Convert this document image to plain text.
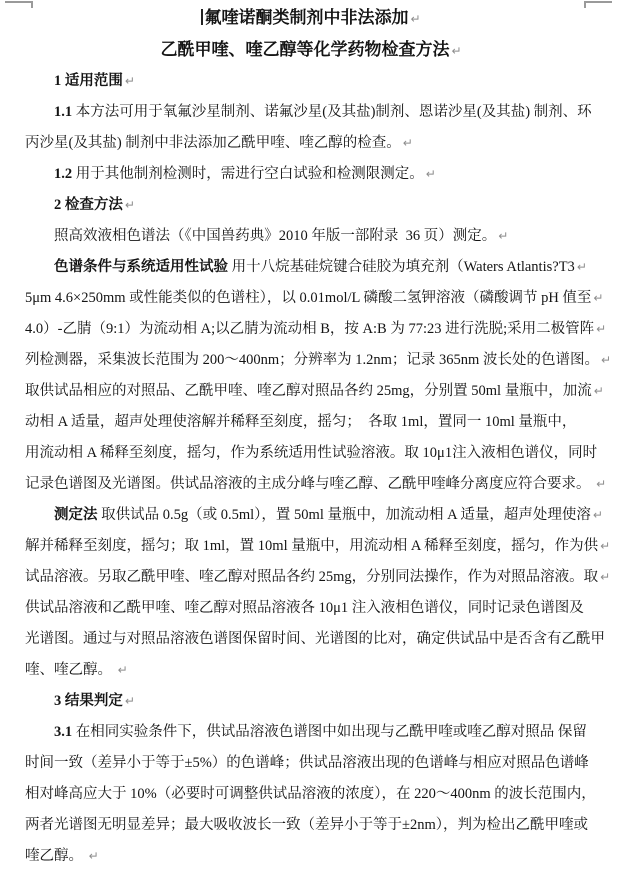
氟喹诺酮类制剂中非法添加 ↵
乙酰甲喹、喹乙醇等化学药物检查方法 ↵
1 适用范围 ↵
1.1 本方法可用于氧氟沙星制剂、诺氟沙星(及其盐)制剂、恩诺沙星(及其盐) 制剂、环
丙沙星(及其盐) 制剂中非法添加乙酰甲喹、喹乙醇的检查。 ↵
1.2 用于其他制剂检测时，需进行空白试验和检测限测定。 ↵
2 检查方法 ↵
照高效液相色谱法（《中国兽药典》2010 年版一部附录  36 页）测定。 ↵
色谱条件与系统适用性试验 用十八烷基硅烷键合硅胶为填充剂（Waters Atlantis?T3 ↵
5μm 4.6×250mm 或性能类似的色谱柱），以 0.01mol/L 磷酸二氢钾溶液（磷酸调节 pH 值至 ↵
4.0）-乙腈（9:1）为流动相 A;以乙腈为流动相 B，按 A:B 为 77:23 进行洗脱;采用二极管阵 ↵
列检测器，采集波长范围为 200～400nm；分辨率为 1.2nm；记录 365nm 波长处的色谱图。 ↵
取供试品相应的对照品、乙酰甲喹、喹乙醇对照品各约 25mg，分别置 50ml 量瓶中，加流 ↵
动相 A 适量，超声处理使溶解并稀释至刻度，摇匀；  各取 1ml，置同一 10ml 量瓶中，
用流动相 A 稀释至刻度，摇匀，作为系统适用性试验溶液。取 10μ1注入液相色谱仪，同时
记录色谱图及光谱图。供试品溶液的主成分峰与喹乙醇、乙酰甲喹峰分离度应符合要求。 ↵
测定法 取供试品 0.5g（或 0.5ml），置 50ml 量瓶中，加流动相 A 适量，超声处理使溶 ↵
解并稀释至刻度，摇匀；取 1ml，置 10ml 量瓶中，用流动相 A 稀释至刻度，摇匀，作为供 ↵
试品溶液。另取乙酰甲喹、喹乙醇对照品各约 25mg，分别同法操作，作为对照品溶液。取 ↵
供试品溶液和乙酰甲喹、喹乙醇对照品溶液各 10μ1 注入液相色谱仪，同时记录色谱图及
光谱图。通过与对照品溶液色谱图保留时间、光谱图的比对，确定供试品中是否含有乙酰甲
喹、喹乙醇。 ↵
3 结果判定 ↵
3.1 在相同实验条件下，供试品溶液色谱图中如出现与乙酰甲喹或喹乙醇对照品 保留
时间一致（差异小于等于±5%）的色谱峰；供试品溶液出现的色谱峰与相应对照品色谱峰
相对峰高应大于 10%（必要时可调整供试品溶液的浓度），在 220～400nm 的波长范围内，
两者光谱图无明显差异；最大吸收波长一致（差异小于等于±2nm），判为检出乙酰甲喹或
喹乙醇。 ↵
